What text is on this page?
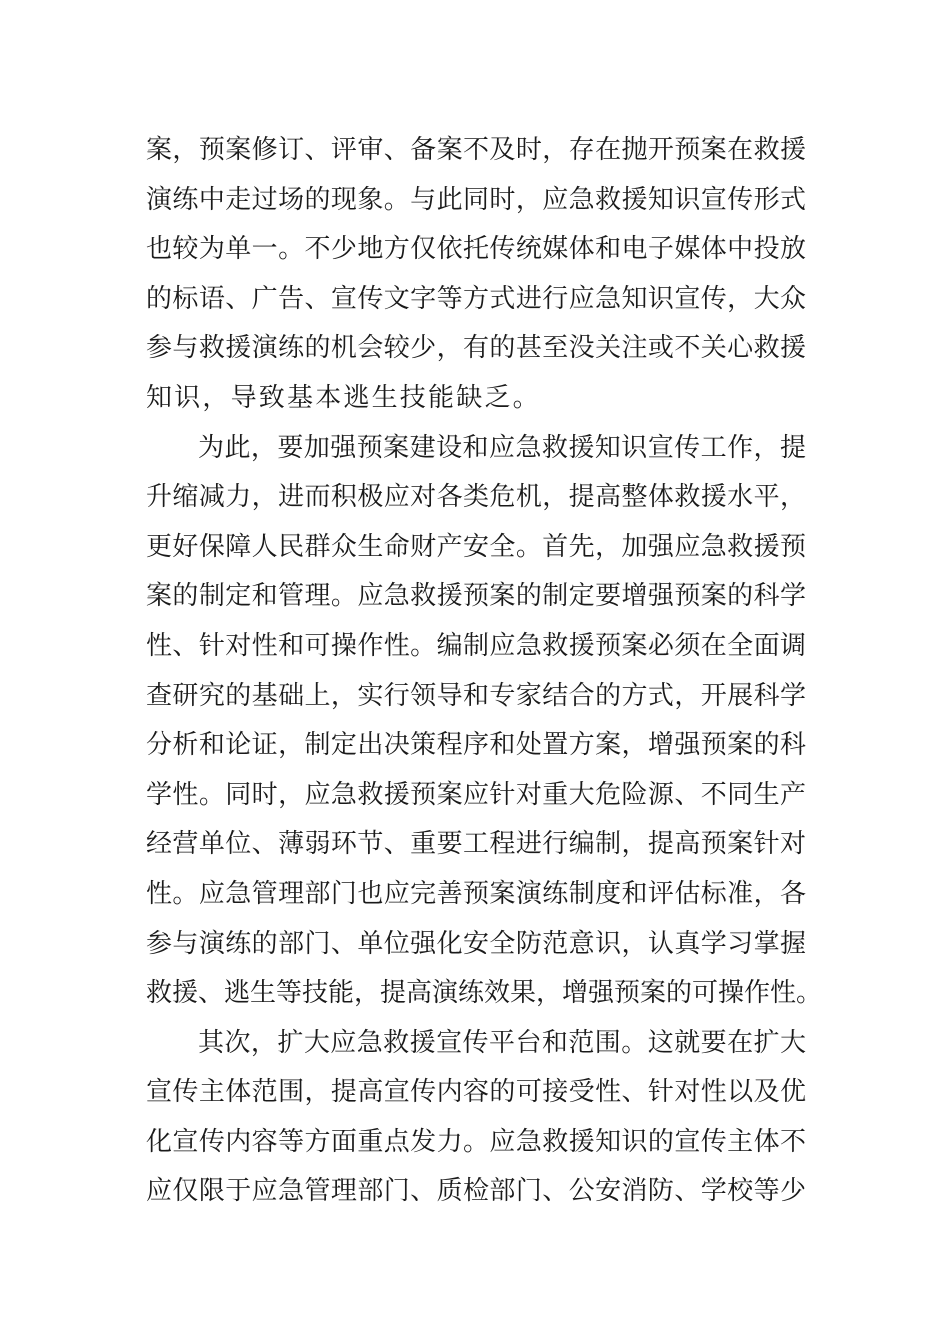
案，预案修订、评审、备案不及时，存在抛开预案在救援
演练中走过场的现象。与此同时，应急救援知识宣传形式
也较为单一。不少地方仅依托传统媒体和电子媒体中投放
的标语、广告、宣传文字等方式进行应急知识宣传，大众
参与救援演练的机会较少，有的甚至没关注或不关心救援
知识，导致基本逃生技能缺乏。
为此，要加强预案建设和应急救援知识宣传工作，提
升缩减力，进而积极应对各类危机，提高整体救援水平，
更好保障人民群众生命财产安全。首先，加强应急救援预
案的制定和管理。应急救援预案的制定要增强预案的科学
性、针对性和可操作性。编制应急救援预案必须在全面调
查研究的基础上，实行领导和专家结合的方式，开展科学
分析和论证，制定出决策程序和处置方案，增强预案的科
学性。同时，应急救援预案应针对重大危险源、不同生产
经营单位、薄弱环节、重要工程进行编制，提高预案针对
性。应急管理部门也应完善预案演练制度和评估标准，各
参与演练的部门、单位强化安全防范意识，认真学习掌握
救援、逃生等技能，提高演练效果，增强预案的可操作性。
其次，扩大应急救援宣传平台和范围。这就要在扩大
宣传主体范围，提高宣传内容的可接受性、针对性以及优
化宣传内容等方面重点发力。应急救援知识的宣传主体不
应仅限于应急管理部门、质检部门、公安消防、学校等少
